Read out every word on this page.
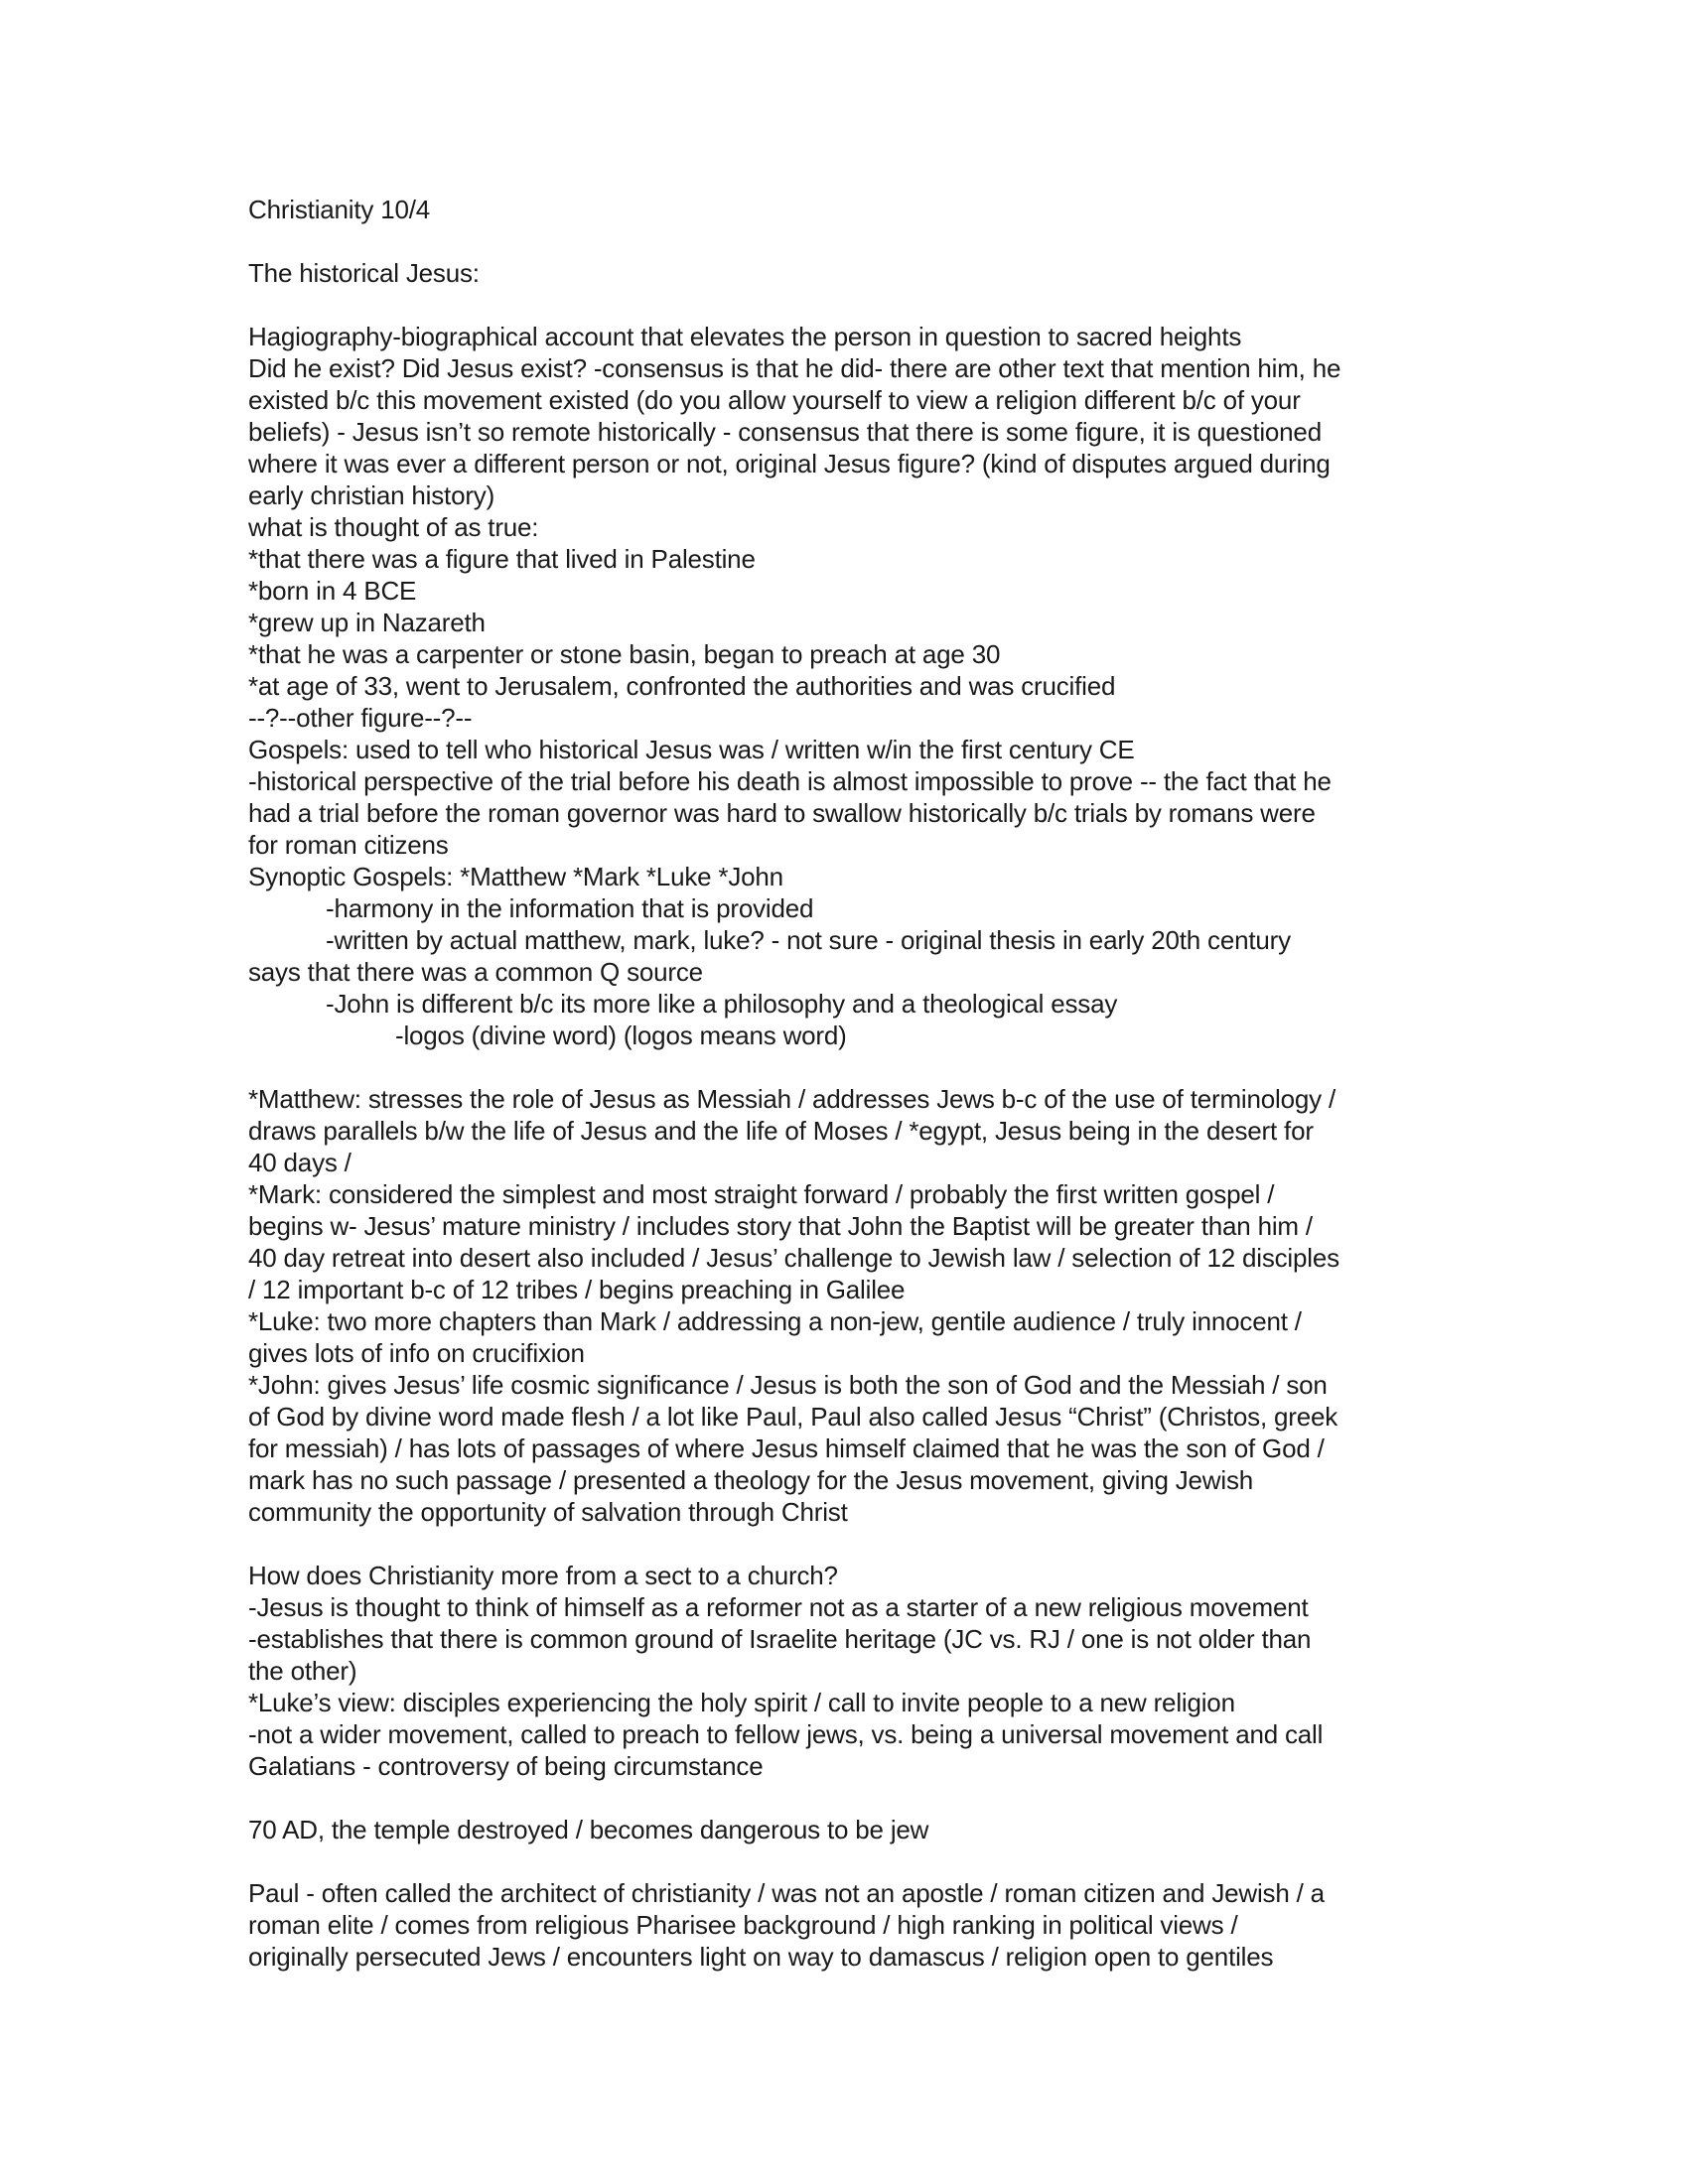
Christianity 10/4
The historical Jesus:
Hagiography-biographical account that elevates the person in question to sacred heights
Did he exist? Did Jesus exist? -consensus is that he did- there are other text that mention him, he
existed b/c this movement existed (do you allow yourself to view a religion different b/c of your
beliefs) - Jesus isn’t so remote historically - consensus that there is some figure, it is questioned
where it was ever a different person or not, original Jesus figure? (kind of disputes argued during
early christian history)
what is thought of as true:
*that there was a figure that lived in Palestine
*born in 4 BCE
*grew up in Nazareth
*that he was a carpenter or stone basin, began to preach at age 30
*at age of 33, went to Jerusalem, confronted the authorities and was crucified
--?--other figure--?--
Gospels: used to tell who historical Jesus was / written w/in the first century CE
-historical perspective of the trial before his death is almost impossible to prove -- the fact that he
had a trial before the roman governor was hard to swallow historically b/c trials by romans were
for roman citizens
Synoptic Gospels: *Matthew *Mark *Luke *John
-harmony in the information that is provided
-written by actual matthew, mark, luke? - not sure - original thesis in early 20th century
says that there was a common Q source
-John is different b/c its more like a philosophy and a theological essay
-logos (divine word) (logos means word)
*Matthew: stresses the role of Jesus as Messiah / addresses Jews b-c of the use of terminology /
draws parallels b/w the life of Jesus and the life of Moses / *egypt, Jesus being in the desert for
40 days /
*Mark: considered the simplest and most straight forward / probably the first written gospel /
begins w- Jesus’ mature ministry / includes story that John the Baptist will be greater than him /
40 day retreat into desert also included / Jesus’ challenge to Jewish law / selection of 12 disciples
/ 12 important b-c of 12 tribes / begins preaching in Galilee
*Luke: two more chapters than Mark / addressing a non-jew, gentile audience / truly innocent /
gives lots of info on crucifixion
*John: gives Jesus’ life cosmic significance / Jesus is both the son of God and the Messiah / son
of God by divine word made flesh / a lot like Paul, Paul also called Jesus “Christ” (Christos, greek
for messiah) / has lots of passages of where Jesus himself claimed that he was the son of God /
mark has no such passage / presented a theology for the Jesus movement, giving Jewish
community the opportunity of salvation through Christ
How does Christianity more from a sect to a church?
-Jesus is thought to think of himself as a reformer not as a starter of a new religious movement
-establishes that there is common ground of Israelite heritage (JC vs. RJ / one is not older than
the other)
*Luke’s view: disciples experiencing the holy spirit / call to invite people to a new religion
-not a wider movement, called to preach to fellow jews, vs. being a universal movement and call
Galatians - controversy of being circumstance
70 AD, the temple destroyed / becomes dangerous to be jew
Paul - often called the architect of christianity / was not an apostle / roman citizen and Jewish / a
roman elite / comes from religious Pharisee background / high ranking in political views /
originally persecuted Jews / encounters light on way to damascus / religion open to gentiles
